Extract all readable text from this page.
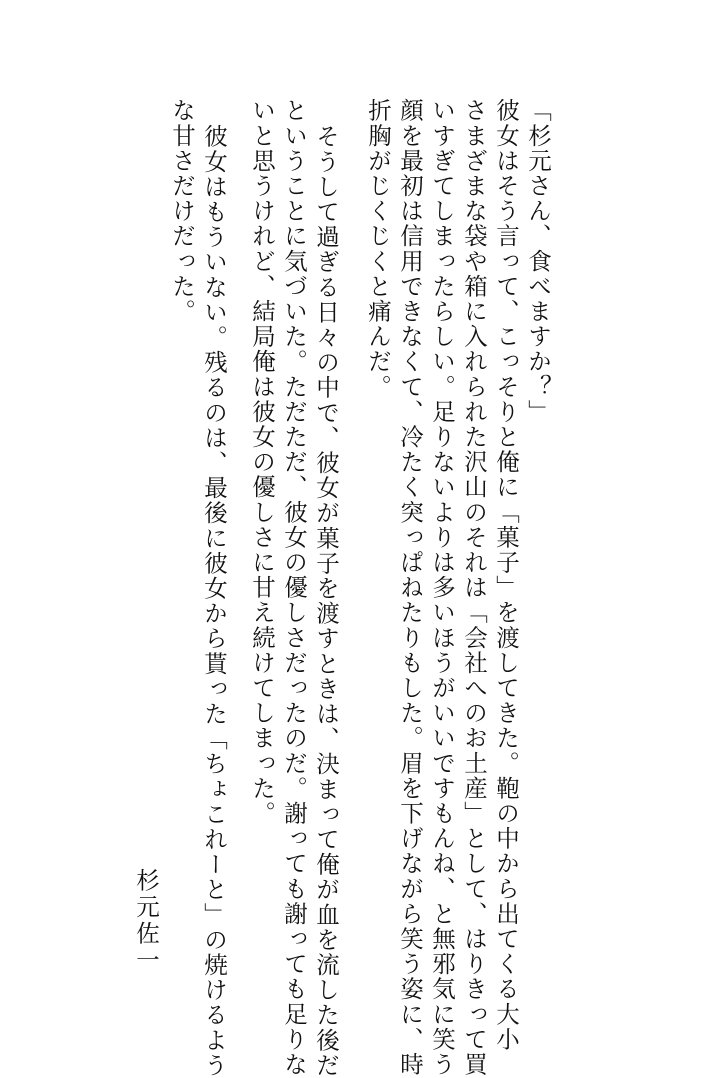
「杉元さん、食べますか？」
彼女はそう言って、こっそりと俺に「菓子」を渡してきた。鞄の中から出てくる大小
さまざまな袋や箱に入れられた沢山のそれは「会社へのお土産」として、はりきって買
いすぎてしまったらしい。足りないよりは多いほうがいいですもんね、と無邪気に笑う
顔を最初は信用できなくて、冷たく突っぱねたりもした。眉を下げながら笑う姿に、時
折胸がじくじくと痛んだ。
そうして過ぎる日々の中で、彼女が菓子を渡すときは、決まって俺が血を流した後だ
ということに気づいた。ただただ、彼女の優しさだったのだ。謝っても謝っても足りな
いと思うけれど、結局俺は彼女の優しさに甘え続けてしまった。
彼女はもういない。残るのは、最後に彼女から貰った「ちょこれーと」の焼けるよう
な甘さだけだった。
杉元佐一
